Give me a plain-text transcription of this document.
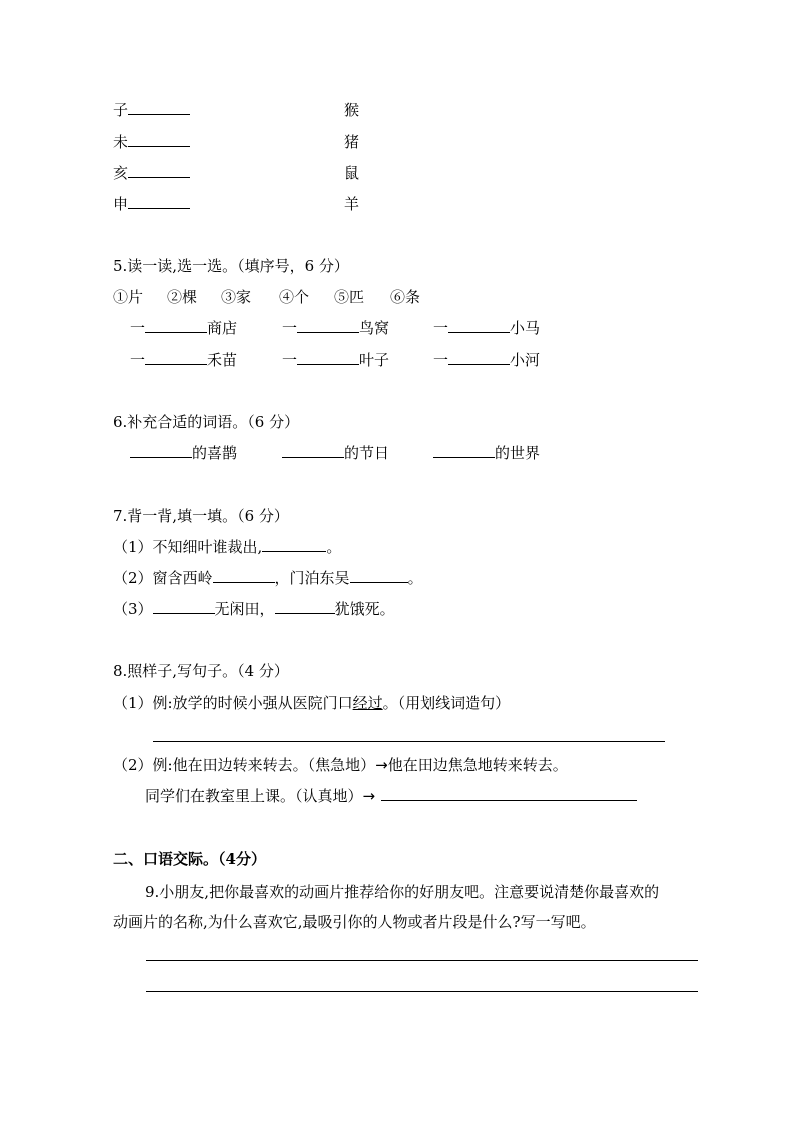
子	猴
未	猪
亥	鼠
申	羊
5.读一读,选一选。（填序号，6 分）
①片 ②棵 ③家 ④个 ⑤匹 ⑥条
一	商店	一	鸟窝	一	小马
一	禾苗	一	叶子	一	小河
6.补充合适的词语。（6 分）
的喜鹊	的节日	的世界
7.背一背,填一填。（6 分）
（1）不知细叶谁裁出,	。
（2）窗含西岭	，门泊东吴	。
（3）	无闲田，	犹饿死。
8.照样子,写句子。（4 分）
（1）例:放学的时候小强从医院门口经过。（用划线词造句）
（2）例:他在田边转来转去。（焦急地）→他在田边焦急地转来转去。
同学们在教室里上课。（认真地）→
二、口语交际。（4分）
9.小朋友,把你最喜欢的动画片推荐给你的好朋友吧。注意要说清楚你最喜欢的
动画片的名称,为什么喜欢它,最吸引你的人物或者片段是什么?写一写吧。
